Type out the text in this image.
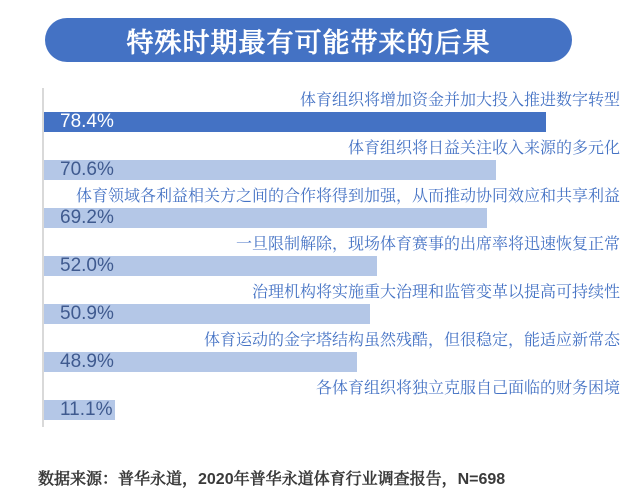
特殊时期最有可能带来的后果
体育组织将增加资金并加大投入推进数字转型
78.4%
体育组织将日益关注收入来源的多元化
70.6%
体育领域各利益相关方之间的合作将得到加强，从而推动协同效应和共享利益
69.2%
一旦限制解除，现场体育赛事的出席率将迅速恢复正常
52.0%
治理机构将实施重大治理和监管变革以提高可持续性
50.9%
体育运动的金字塔结构虽然残酷，但很稳定，能适应新常态
48.9%
各体育组织将独立克服自己面临的财务困境
11.1%
数据来源：普华永道，2020年普华永道体育行业调查报告，N=698
